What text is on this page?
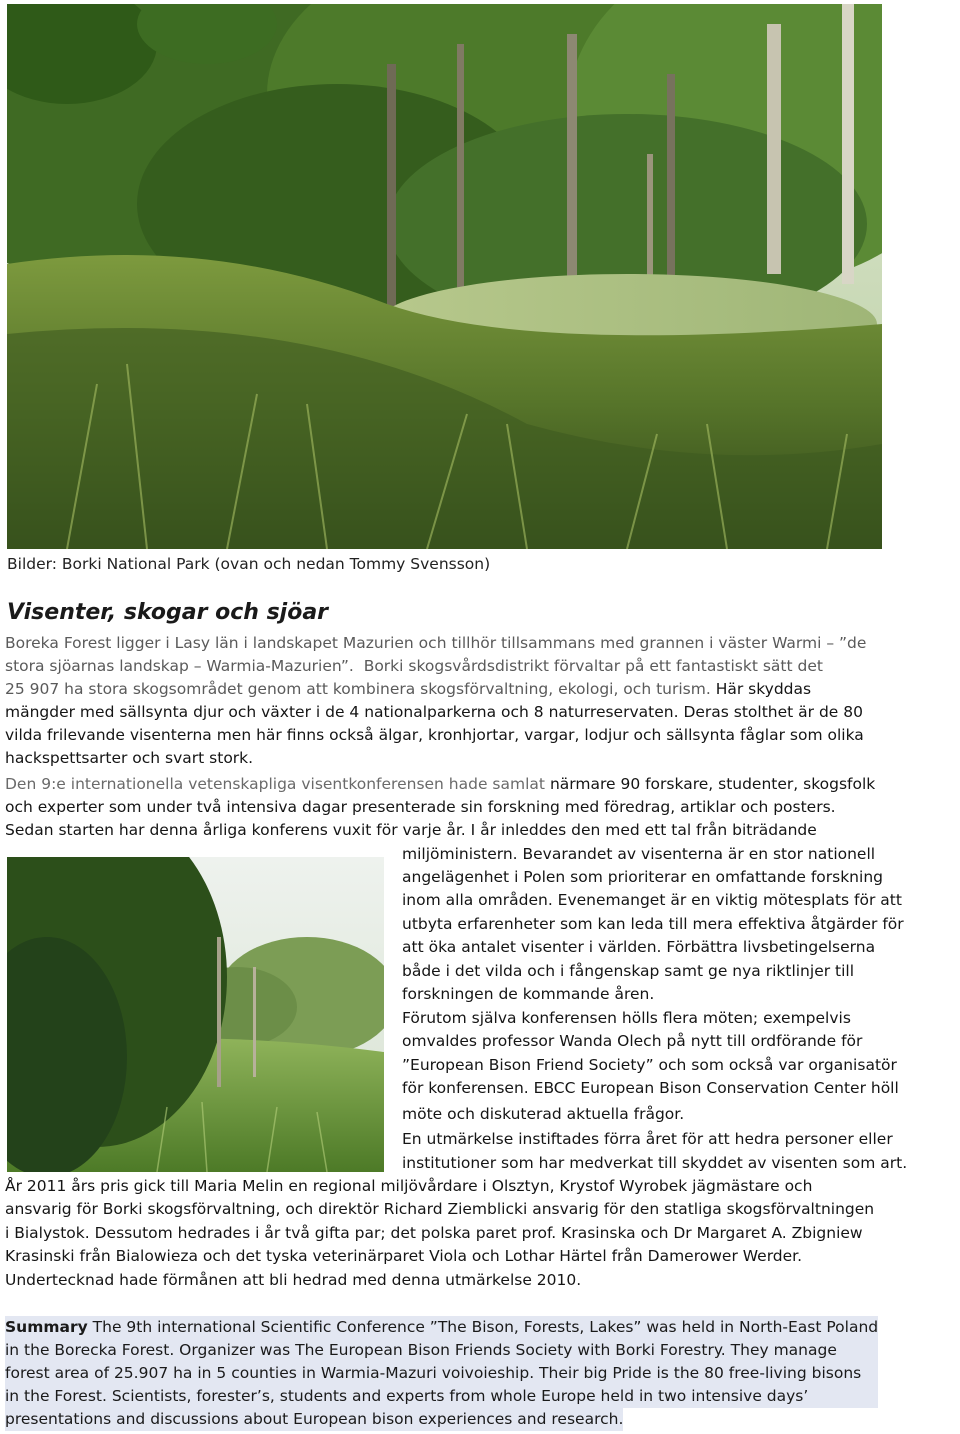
Bilder: Borki National Park (ovan och nedan Tommy Svensson)
Visenter, skogar och sjöar
Boreka Forest ligger i Lasy län i landskapet Mazurien och tillhör tillsammans med grannen i väster Warmi – ”de
stora sjöarnas landskap – Warmia-Mazurien”. Borki skogsvårdsdistrikt förvaltar på ett fantastiskt sätt det
25 907 ha stora skogsområdet genom att kombinera skogsförvaltning, ekologi, och turism. Här skyddas
mängder med sällsynta djur och växter i de 4 nationalparkerna och 8 naturreservaten. Deras stolthet är de 80
vilda frilevande visenterna men här finns också älgar, kronhjortar, vargar, lodjur och sällsynta fåglar som olika
hackspettsarter och svart stork.
Den 9:e internationella vetenskapliga visentkonferensen hade samlat närmare 90 forskare, studenter, skogsfolk
och experter som under två intensiva dagar presenterade sin forskning med föredrag, artiklar och posters.
Sedan starten har denna årliga konferens vuxit för varje år. I år inleddes den med ett tal från biträdande
miljöministern. Bevarandet av visenterna är en stor nationell
angelägenhet i Polen som prioriterar en omfattande forskning
inom alla områden. Evenemanget är en viktig mötesplats för att
utbyta erfarenheter som kan leda till mera effektiva åtgärder för
att öka antalet visenter i världen. Förbättra livsbetingelserna
både i det vilda och i fångenskap samt ge nya riktlinjer till
forskningen de kommande åren.
Förutom själva konferensen hölls flera möten; exempelvis
omvaldes professor Wanda Olech på nytt till ordförande för
”European Bison Friend Society” och som också var organisatör
för konferensen. EBCC European Bison Conservation Center höll
möte och diskuterad aktuella frågor.
En utmärkelse instiftades förra året för att hedra personer eller
institutioner som har medverkat till skyddet av visenten som art.
År 2011 års pris gick till Maria Melin en regional miljövårdare i Olsztyn, Krystof Wyrobek jägmästare och
ansvarig för Borki skogsförvaltning, och direktör Richard Ziemblicki ansvarig för den statliga skogsförvaltningen
i Bialystok. Dessutom hedrades i år två gifta par; det polska paret prof. Krasinska och Dr Margaret A. Zbigniew
Krasinski från Bialowieza och det tyska veterinärparet Viola och Lothar Härtel från Damerower Werder.
Undertecknad hade förmånen att bli hedrad med denna utmärkelse 2010.
Summary The 9th international Scientific Conference ”The Bison, Forests, Lakes” was held in North-East Poland
in the Borecka Forest. Organizer was The European Bison Friends Society with Borki Forestry. They manage
forest area of 25.907 ha in 5 counties in Warmia-Mazuri voivoieship. Their big Pride is the 80 free-living bisons
in the Forest. Scientists, forester’s, students and experts from whole Europe held in two intensive days’
presentations and discussions about European bison experiences and research.
